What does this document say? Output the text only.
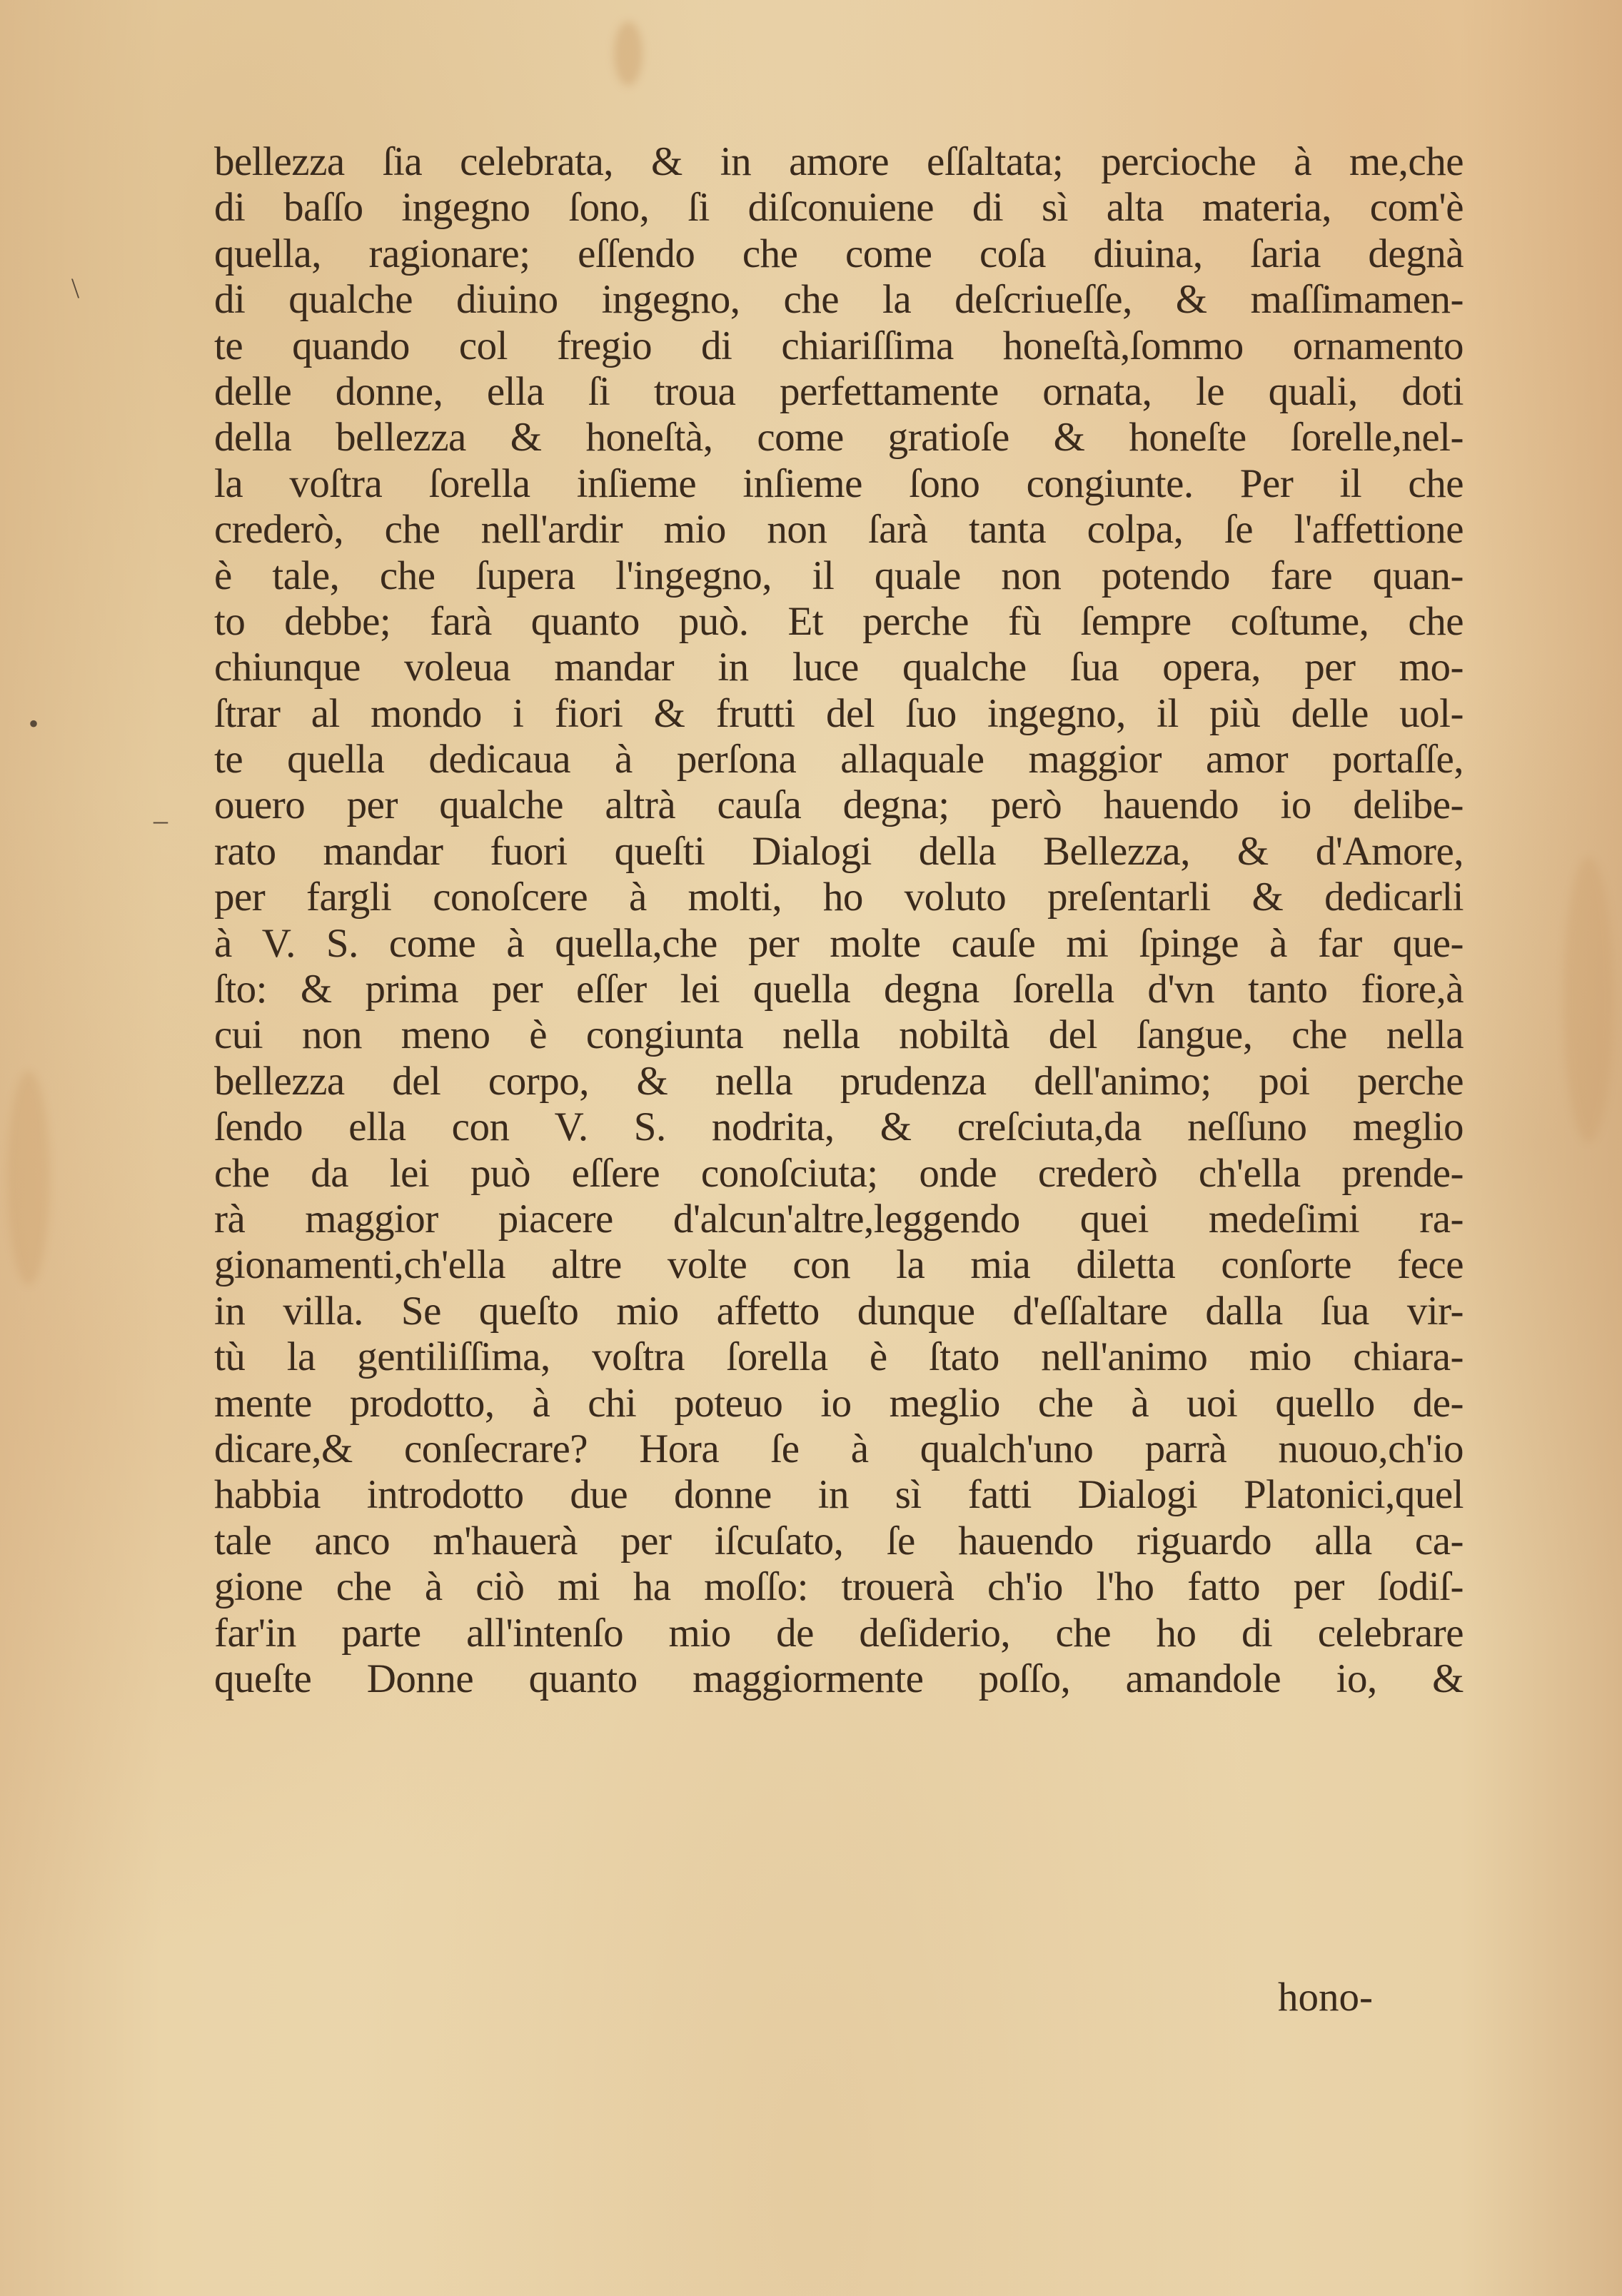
\
•
–
bellezza ſia celebrata, & in amore eſſaltata; percioche à me,che
di baſſo ingegno ſono, ſi diſconuiene di sì alta materia, com'è
quella, ragionare; eſſendo che come coſa diuina, ſaria degnà
di qualche diuino ingegno, che la deſcriueſſe, & maſſimamen-
te quando col fregio di chiariſſima honeſtà,ſommo ornamento
delle donne, ella ſi troua perfettamente ornata, le quali, doti
della bellezza & honeſtà, come gratioſe & honeſte ſorelle,nel-
la voſtra ſorella inſieme inſieme ſono congiunte. Per il che
crederò, che nell'ardir mio non ſarà tanta colpa, ſe l'affettione
è tale, che ſupera l'ingegno, il quale non potendo fare quan-
to debbe; farà quanto può. Et perche fù ſempre coſtume, che
chiunque voleua mandar in luce qualche ſua opera, per mo-
ſtrar al mondo i fiori & frutti del ſuo ingegno, il più delle uol-
te quella dedicaua à perſona allaquale maggior amor portaſſe,
ouero per qualche altrà cauſa degna; però hauendo io delibe-
rato mandar fuori queſti Dialogi della Bellezza, & d'Amore,
per fargli conoſcere à molti, ho voluto preſentarli & dedicarli
à V. S. come à quella,che per molte cauſe mi ſpinge à far que-
ſto: & prima per eſſer lei quella degna ſorella d'vn tanto fiore,à
cui non meno è congiunta nella nobiltà del ſangue, che nella
bellezza del corpo, & nella prudenza dell'animo; poi perche
ſendo ella con V. S. nodrita, & creſciuta,da neſſuno meglio
che da lei può eſſere conoſciuta; onde crederò ch'ella prende-
rà maggior piacere d'alcun'altre,leggendo quei medeſimi ra-
gionamenti,ch'ella altre volte con la mia diletta conſorte fece
in villa. Se queſto mio affetto dunque d'eſſaltare dalla ſua vir-
tù la gentiliſſima, voſtra ſorella è ſtato nell'animo mio chiara-
mente prodotto, à chi poteuo io meglio che à uoi quello de-
dicare,& conſecrare? Hora ſe à qualch'uno parrà nuouo,ch'io
habbia introdotto due donne in sì fatti Dialogi Platonici,quel
tale anco m'hauerà per iſcuſato, ſe hauendo riguardo alla ca-
gione che à ciò mi ha moſſo: trouerà ch'io l'ho fatto per ſodiſ-
far'in parte all'intenſo mio de deſiderio, che ho di celebrare
queſte Donne quanto maggiormente poſſo, amandole io, &
hono-
